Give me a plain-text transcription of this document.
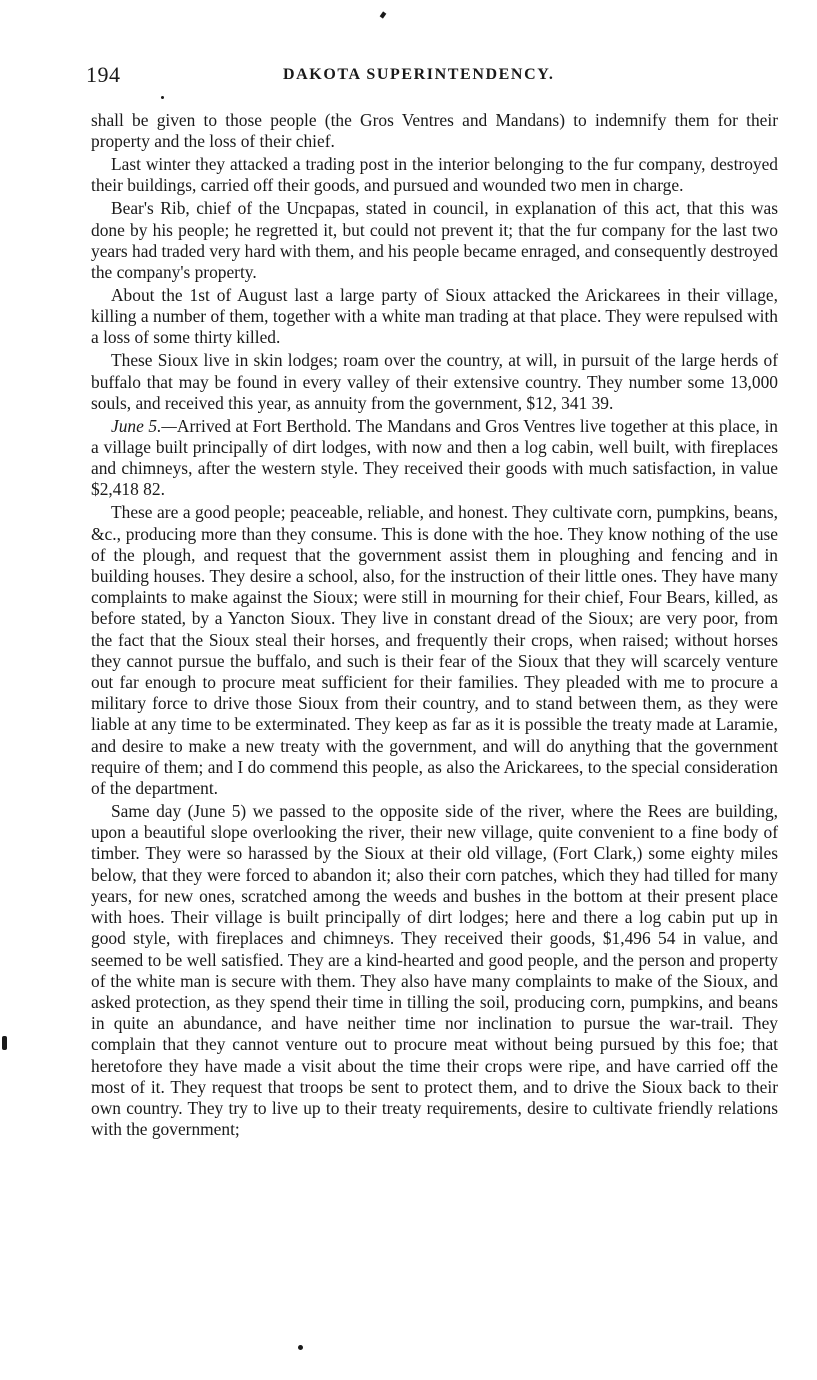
194	DAKOTA SUPERINTENDENCY.

shall be given to those people (the Gros Ventres and Mandans) to indemnify them for their property and the loss of their chief.

Last winter they attacked a trading post in the interior belonging to the fur company, destroyed their buildings, carried off their goods, and pursued and wounded two men in charge.

Bear's Rib, chief of the Uncpapas, stated in council, in explanation of this act, that this was done by his people; he regretted it, but could not prevent it; that the fur company for the last two years had traded very hard with them, and his people became enraged, and consequently destroyed the company's property.

About the 1st of August last a large party of Sioux attacked the Arickarees in their village, killing a number of them, together with a white man trading at that place. They were repulsed with a loss of some thirty killed.

These Sioux live in skin lodges; roam over the country, at will, in pursuit of the large herds of buffalo that may be found in every valley of their extensive country. They number some 13,000 souls, and received this year, as annuity from the government, $12, 341 39.

June 5.—Arrived at Fort Berthold. The Mandans and Gros Ventres live together at this place, in a village built principally of dirt lodges, with now and then a log cabin, well built, with fireplaces and chimneys, after the western style. They received their goods with much satisfaction, in value $2,418 82.

These are a good people; peaceable, reliable, and honest. They cultivate corn, pumpkins, beans, &c., producing more than they consume. This is done with the hoe. They know nothing of the use of the plough, and request that the government assist them in ploughing and fencing and in building houses. They desire a school, also, for the instruction of their little ones. They have many complaints to make against the Sioux; were still in mourning for their chief, Four Bears, killed, as before stated, by a Yancton Sioux. They live in constant dread of the Sioux; are very poor, from the fact that the Sioux steal their horses, and frequently their crops, when raised; without horses they cannot pursue the buffalo, and such is their fear of the Sioux that they will scarcely venture out far enough to procure meat sufficient for their families. They pleaded with me to procure a military force to drive those Sioux from their country, and to stand between them, as they were liable at any time to be exterminated. They keep as far as it is possible the treaty made at Laramie, and desire to make a new treaty with the government, and will do anything that the government require of them; and I do commend this people, as also the Arickarees, to the special consideration of the department.

Same day (June 5) we passed to the opposite side of the river, where the Rees are building, upon a beautiful slope overlooking the river, their new village, quite convenient to a fine body of timber. They were so harassed by the Sioux at their old village, (Fort Clark,) some eighty miles below, that they were forced to abandon it; also their corn patches, which they had tilled for many years, for new ones, scratched among the weeds and bushes in the bottom at their present place with hoes. Their village is built principally of dirt lodges; here and there a log cabin put up in good style, with fireplaces and chimneys. They received their goods, $1,496 54 in value, and seemed to be well satisfied. They are a kind-hearted and good people, and the person and property of the white man is secure with them. They also have many complaints to make of the Sioux, and asked protection, as they spend their time in tilling the soil, producing corn, pumpkins, and beans in quite an abundance, and have neither time nor inclination to pursue the war-trail. They complain that they cannot venture out to procure meat without being pursued by this foe; that heretofore they have made a visit about the time their crops were ripe, and have carried off the most of it. They request that troops be sent to protect them, and to drive the Sioux back to their own country. They try to live up to their treaty requirements, desire to cultivate friendly relations with the government;
